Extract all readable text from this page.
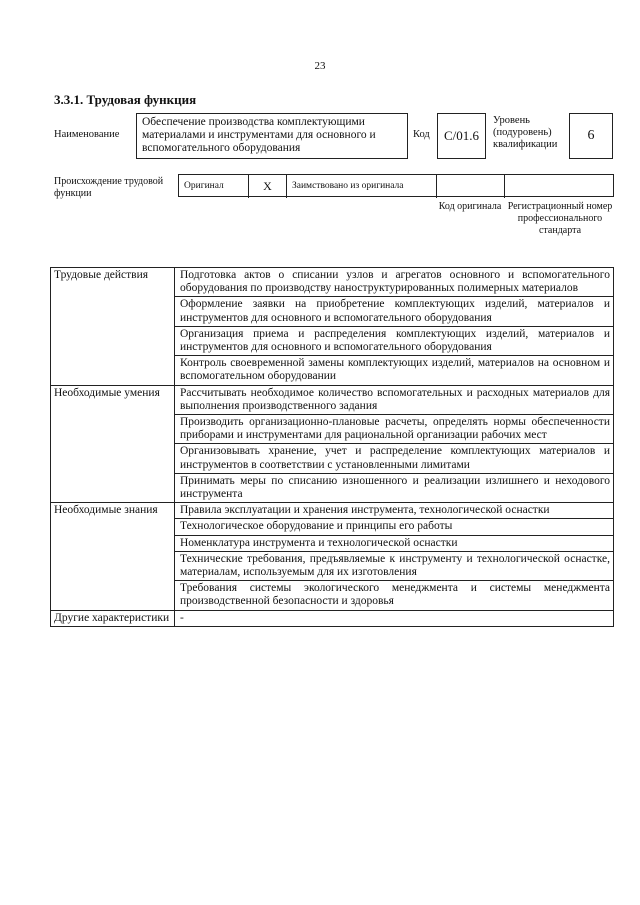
23
3.3.1. Трудовая функция
Наименование
Обеспечение производства комплектующими материалами и инструментами для основного и вспомогательного оборудования
Код С/01.6
Уровень (подуровень) квалификации
6
Происхождение трудовой функции
Оригинал	X	Заимствовано из оригинала
Код оригинала Регистрационный номер профессионального стандарта
Трудовые действия	Подготовка актов о списании узлов и агрегатов основного и вспомогательного оборудования по производству наноструктурированных полимерных материалов
	Оформление заявки на приобретение комплектующих изделий, материалов и инструментов для основного и вспомогательного оборудования
	Организация приема и распределения комплектующих изделий, материалов и инструментов для основного и вспомогательного оборудования
	Контроль своевременной замены комплектующих изделий, материалов на основном и вспомогательном оборудовании
Необходимые умения	Рассчитывать необходимое количество вспомогательных и расходных материалов для выполнения производственного задания
	Производить организационно-плановые расчеты, определять нормы обеспеченности приборами и инструментами для рациональной организации рабочих мест
	Организовывать хранение, учет и распределение комплектующих материалов и инструментов в соответствии с установленными лимитами
	Принимать меры по списанию изношенного и реализации излишнего и неходового инструмента
Необходимые знания	Правила эксплуатации и хранения инструмента, технологической оснастки
	Технологическое оборудование и принципы его работы
	Номенклатура инструмента и технологической оснастки
	Технические требования, предъявляемые к инструменту и технологической оснастке, материалам, используемым для их изготовления
	Требования системы экологического менеджмента и системы менеджмента производственной безопасности и здоровья
Другие характеристики	-
